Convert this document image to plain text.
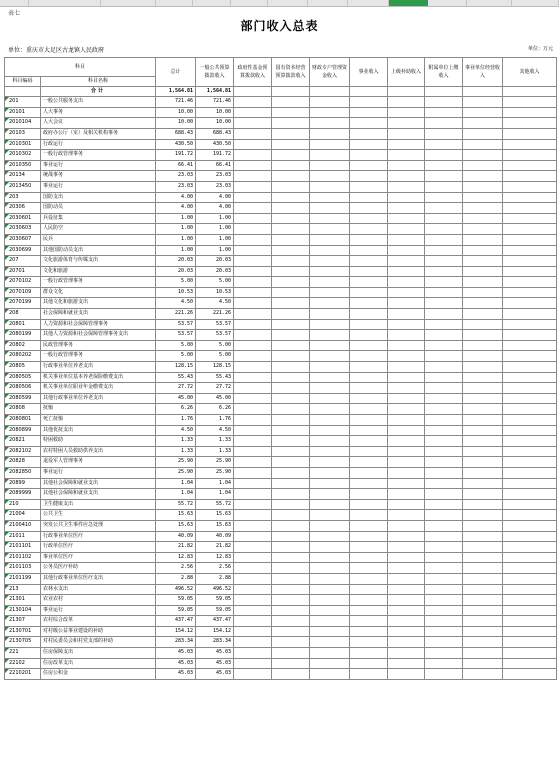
表七
部门收入总表
单位：重庆市大足区古龙镇人民政府	单位：万元
科目		总计	一般公共预算拨款收入	政府性基金预算拨款收入	国有资本经营预算拨款收入	财政专户管理资金收入	事业收入	上级补助收入	附属单位上缴收入	事业单位经营收入	其他收入
科目编码	科目名称										
	合计	1,564.81	1,564.81								
201	一般公共服务支出	721.46	721.46								
20101	人大事务	10.00	10.00								
2010104	人大会议	10.00	10.00								
20103	政府办公厅（室）及相关机构事务	688.43	688.43								
2010301	行政运行	430.50	430.50								
2010302	一般行政管理事务	191.72	191.72								
2010350	事业运行	66.41	66.41								
20134	统战事务	23.03	23.03								
2013450	事业运行	23.03	23.03								
203	国防支出	4.00	4.00								
20306	国防动员	4.00	4.00								
2030601	兵役征集	1.00	1.00								
2030603	人民防空	1.00	1.00								
2030607	民兵	1.00	1.00								
2030699	其他国防动员支出	1.00	1.00								
207	文化旅游体育与传媒支出	20.03	20.03								
20701	文化和旅游	20.03	20.03								
2070102	一般行政管理事务	5.00	5.00								
2070109	群众文化	10.53	10.53								
2070199	其他文化和旅游支出	4.50	4.50								
208	社会保障和就业支出	221.26	221.26								
20801	人力资源和社会保障管理事务	53.57	53.57								
2080199	其他人力资源和社会保障管理事务支出	53.57	53.57								
20802	民政管理事务	5.00	5.00								
2080202	一般行政管理事务	5.00	5.00								
20805	行政事业单位养老支出	128.15	128.15								
2080505	机关事业单位基本养老保险缴费支出	55.43	55.43								
2080506	机关事业单位职业年金缴费支出	27.72	27.72								
2080599	其他行政事业单位养老支出	45.00	45.00								
20808	抚恤	6.26	6.26								
2080801	死亡抚恤	1.76	1.76								
2080899	其他优抚支出	4.50	4.50								
20821	特困救助	1.33	1.33								
2082102	农村特困人员救助供养支出	1.33	1.33								
20828	退役军人管理事务	25.90	25.90								
2082850	事业运行	25.90	25.90								
20899	其他社会保障和就业支出	1.04	1.04								
2089999	其他社会保障和就业支出	1.04	1.04								
210	卫生健康支出	55.72	55.72								
21004	公共卫生	15.63	15.63								
2100410	突发公共卫生事件应急处理	15.63	15.63								
21011	行政事业单位医疗	40.09	40.09								
2101101	行政单位医疗	21.82	21.82								
2101102	事业单位医疗	12.83	12.83								
2101103	公务员医疗补助	2.56	2.56								
2101199	其他行政事业单位医疗支出	2.88	2.88								
213	农林水支出	496.52	496.52								
21301	农业农村	59.05	59.05								
2130104	事业运行	59.05	59.05								
21307	农村综合改革	437.47	437.47								
2130701	对村级公益事业建设的补助	154.12	154.12								
2130705	对村民委员会和村党支部的补助	283.34	283.34								
221	住房保障支出	45.03	45.03								
22102	住房改革支出	45.03	45.03								
2210201	住房公积金	45.03	45.03								
